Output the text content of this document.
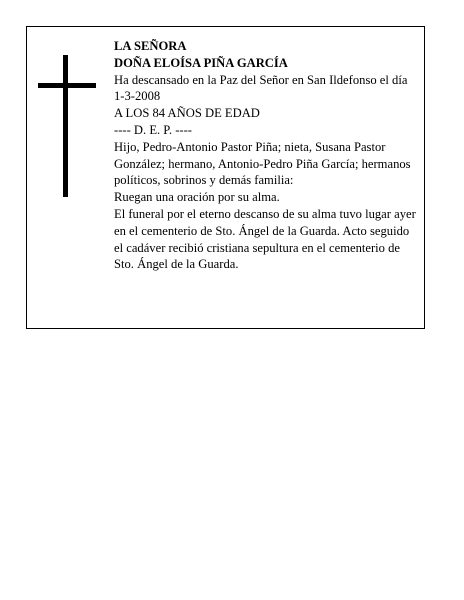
LA SEÑORA
DOÑA ELOÍSA PIÑA GARCÍA
Ha descansado en la Paz del Señor en San Ildefonso el día 1-3-2008
A LOS 84 AÑOS DE EDAD
---- D. E. P. ----
Hijo, Pedro-Antonio Pastor Piña; nieta, Susana Pastor González; hermano, Antonio-Pedro Piña García; hermanos políticos, sobrinos y demás familia:
Ruegan una oración por su alma.
El funeral por el eterno descanso de su alma tuvo lugar ayer en el cementerio de Sto. Ángel de la Guarda. Acto seguido el cadáver recibió cristiana sepultura en el cementerio de Sto. Ángel de la Guarda.
